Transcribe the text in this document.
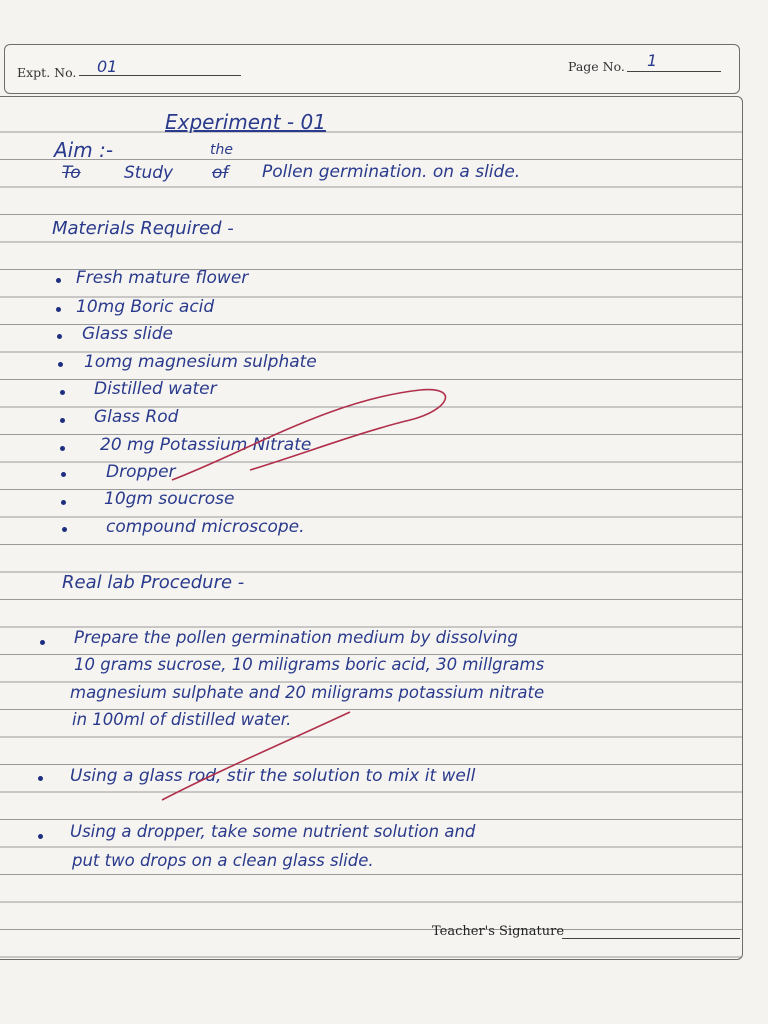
Expt. No. 01	Page No. 1
Experiment - 01
Aim :-	the
To	Study of Pollen germination. on a slide.
Materials Required -
Fresh mature flower
10mg Boric acid
Glass slide
1omg magnesium sulphate
Distilled water
Glass Rod
20 mg Potassium Nitrate
Dropper
10gm soucrose
compound microscope.
Real lab Procedure -
Prepare the pollen germination medium by dissolving
10 grams sucrose, 10 miligrams boric acid, 30 millgrams
magnesium sulphate and 20 miligrams potassium nitrate
in 100ml of distilled water.
Using a glass rod, stir the solution to mix it well
Using a dropper, take some nutrient solution and
put two drops on a clean glass slide.
Teacher's Signature
